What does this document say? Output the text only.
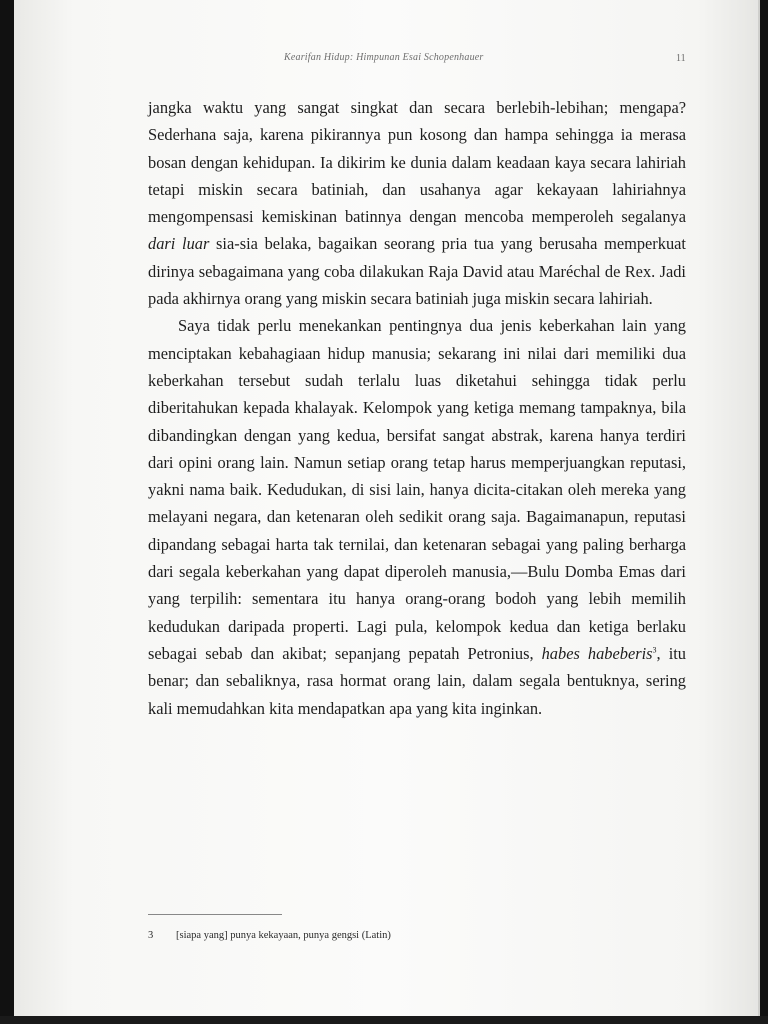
Kearifan Hidup: Himpunan Esai Schopenhauer	11

jangka waktu yang sangat singkat dan secara berlebih-lebihan; mengapa? Sederhana saja, karena pikirannya pun kosong dan hampa sehingga ia merasa bosan dengan kehidupan. Ia dikirim ke dunia dalam keadaan kaya secara lahiriah tetapi miskin secara batiniah, dan usahanya agar kekayaan lahiriahnya mengompensasi kemiskinan batinnya dengan mencoba memperoleh segalanya dari luar sia-sia belaka, bagaikan seorang pria tua yang berusaha memperkuat dirinya sebagaimana yang coba dilakukan Raja David atau Maréchal de Rex. Jadi pada akhirnya orang yang miskin secara batiniah juga miskin secara lahiriah.

Saya tidak perlu menekankan pentingnya dua jenis keberkahan lain yang menciptakan kebahagiaan hidup manusia; sekarang ini nilai dari memiliki dua keberkahan tersebut sudah terlalu luas diketahui sehingga tidak perlu diberitahukan kepada khalayak. Kelompok yang ketiga memang tampaknya, bila dibandingkan dengan yang kedua, bersifat sangat abstrak, karena hanya terdiri dari opini orang lain. Namun setiap orang tetap harus memperjuangkan reputasi, yakni nama baik. Kedudukan, di sisi lain, hanya dicita-citakan oleh mereka yang melayani negara, dan ketenaran oleh sedikit orang saja. Bagaimanapun, reputasi dipandang sebagai harta tak ternilai, dan ketenaran sebagai yang paling berharga dari segala keberkahan yang dapat diperoleh manusia,—Bulu Domba Emas dari yang terpilih: sementara itu hanya orang-orang bodoh yang lebih memilih kedudukan daripada properti. Lagi pula, kelompok kedua dan ketiga berlaku sebagai sebab dan akibat; sepanjang pepatah Petronius, habes habeberis$^3$, itu benar; dan sebaliknya, rasa hormat orang lain, dalam segala bentuknya, sering kali memudahkan kita mendapatkan apa yang kita inginkan.

3 [siapa yang] punya kekayaan, punya gengsi (Latin)
